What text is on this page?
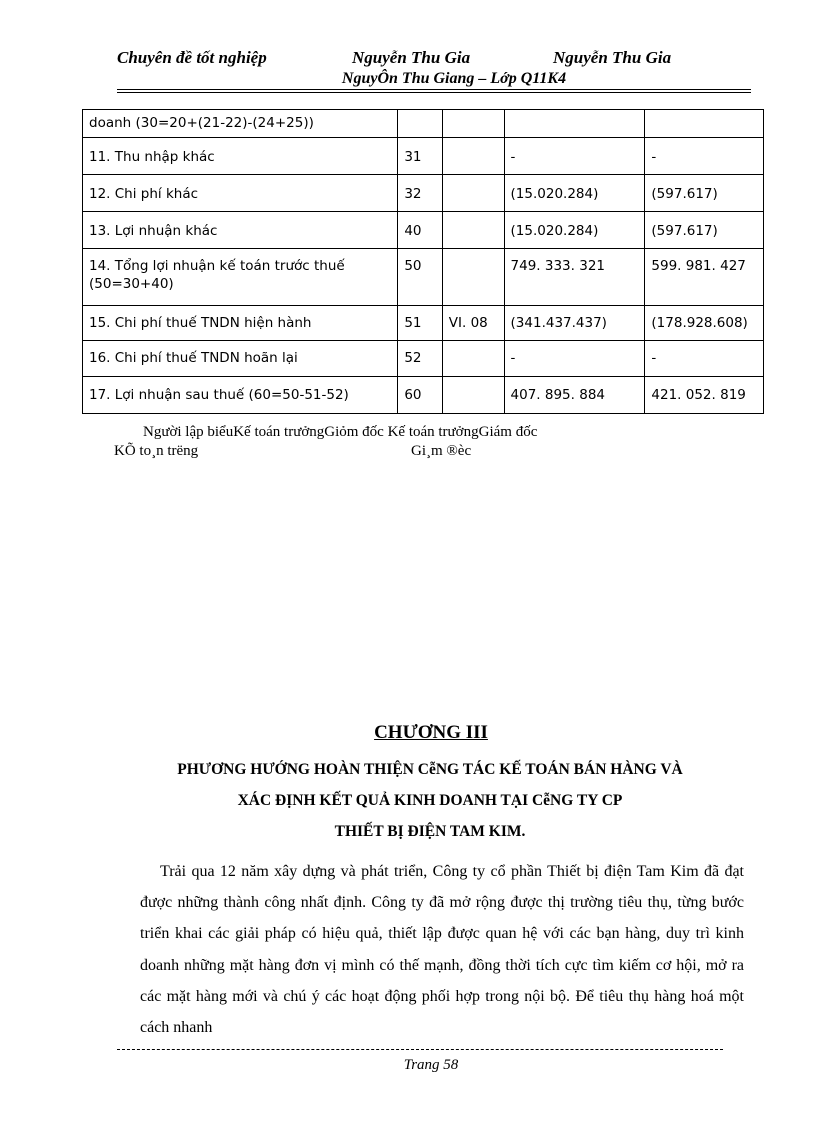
Chuyên đề tốt nghiệp	Nguyễn Thu Gia	Nguyễn Thu Gia
NguyÔn Thu Giang – Lớp Q11K4
doanh (30=20+(21-22)-(24+25))				
11. Thu nhập khác	31		-	-
12. Chi phí khác	32		(15.020.284)	(597.617)
13. Lợi nhuận khác	40		(15.020.284)	(597.617)
14. Tổng lợi nhuận kế toán trước thuế (50=30+40)	50		749. 333. 321	599. 981. 427
15. Chi phí thuế TNDN hiện hành	51	VI. 08	(341.437.437)	(178.928.608)
16. Chi phí thuế TNDN hoãn lại	52		-	-
17. Lợi nhuận sau thuế (60=50-51-52)	60		407. 895. 884	421. 052. 819
Người lập biểuKế toán trưởngGiỏm đốc Kế toán trưởngGiám đốc
KÕ to¸n trëng	Gi¸m ®èc
CHƯƠNG III
PHƯƠNG HƯỚNG HOÀN THIỆN CễNG TÁC KẾ TOÁN BÁN HÀNG VÀ
XÁC ĐỊNH KẾT QUẢ KINH DOANH TẠI CễNG TY CP
THIẾT BỊ ĐIỆN TAM KIM.

Trải qua 12 năm xây dựng và phát triển, Công ty cổ phần Thiết bị điện Tam Kim đã đạt được những thành công nhất định. Công ty đã mở rộng được thị trường tiêu thụ, từng bước triển khai các giải pháp có hiệu quả, thiết lập được quan hệ với các bạn hàng, duy trì kinh doanh những mặt hàng đơn vị mình có thế mạnh, đồng thời tích cực tìm kiếm cơ hội, mở ra các mặt hàng mới và chú ý các hoạt động phối hợp trong nội bộ. Để tiêu thụ hàng hoá một cách nhanh

Trang 58
